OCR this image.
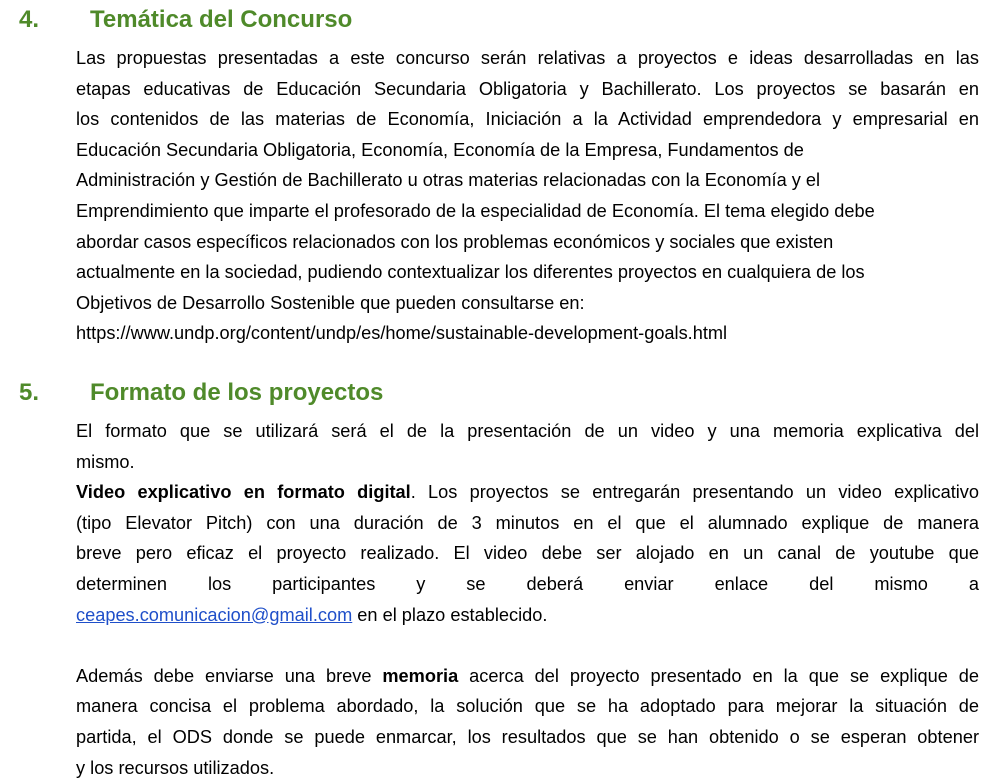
4. Temática del Concurso
Las propuestas presentadas a este concurso serán relativas a proyectos e ideas desarrolladas en las
etapas educativas de Educación Secundaria Obligatoria y Bachillerato. Los proyectos se basarán en
los contenidos de las materias de Economía, Iniciación a la Actividad emprendedora y empresarial en
Educación Secundaria Obligatoria, Economía, Economía de la Empresa, Fundamentos de
Administración y Gestión de Bachillerato u otras materias relacionadas con la Economía y el
Emprendimiento que imparte el profesorado de la especialidad de Economía. El tema elegido debe
abordar casos específicos relacionados con los problemas económicos y sociales que existen
actualmente en la sociedad, pudiendo contextualizar los diferentes proyectos en cualquiera de los
Objetivos de Desarrollo Sostenible que pueden consultarse en:
https://www.undp.org/content/undp/es/home/sustainable-development-goals.html
5. Formato de los proyectos
El formato que se utilizará será el de la presentación de un video y una memoria explicativa del
mismo.
Video explicativo en formato digital. Los proyectos se entregarán presentando un video explicativo
(tipo Elevator Pitch) con una duración de 3 minutos en el que el alumnado explique de manera
breve pero eficaz el proyecto realizado. El video debe ser alojado en un canal de youtube que
determinen los participantes y se deberá enviar enlace del mismo a
ceapes.comunicacion@gmail.com en el plazo establecido.
Además debe enviarse una breve memoria acerca del proyecto presentado en la que se explique de
manera concisa el problema abordado, la solución que se ha adoptado para mejorar la situación de
partida, el ODS donde se puede enmarcar, los resultados que se han obtenido o se esperan obtener
y los recursos utilizados.
